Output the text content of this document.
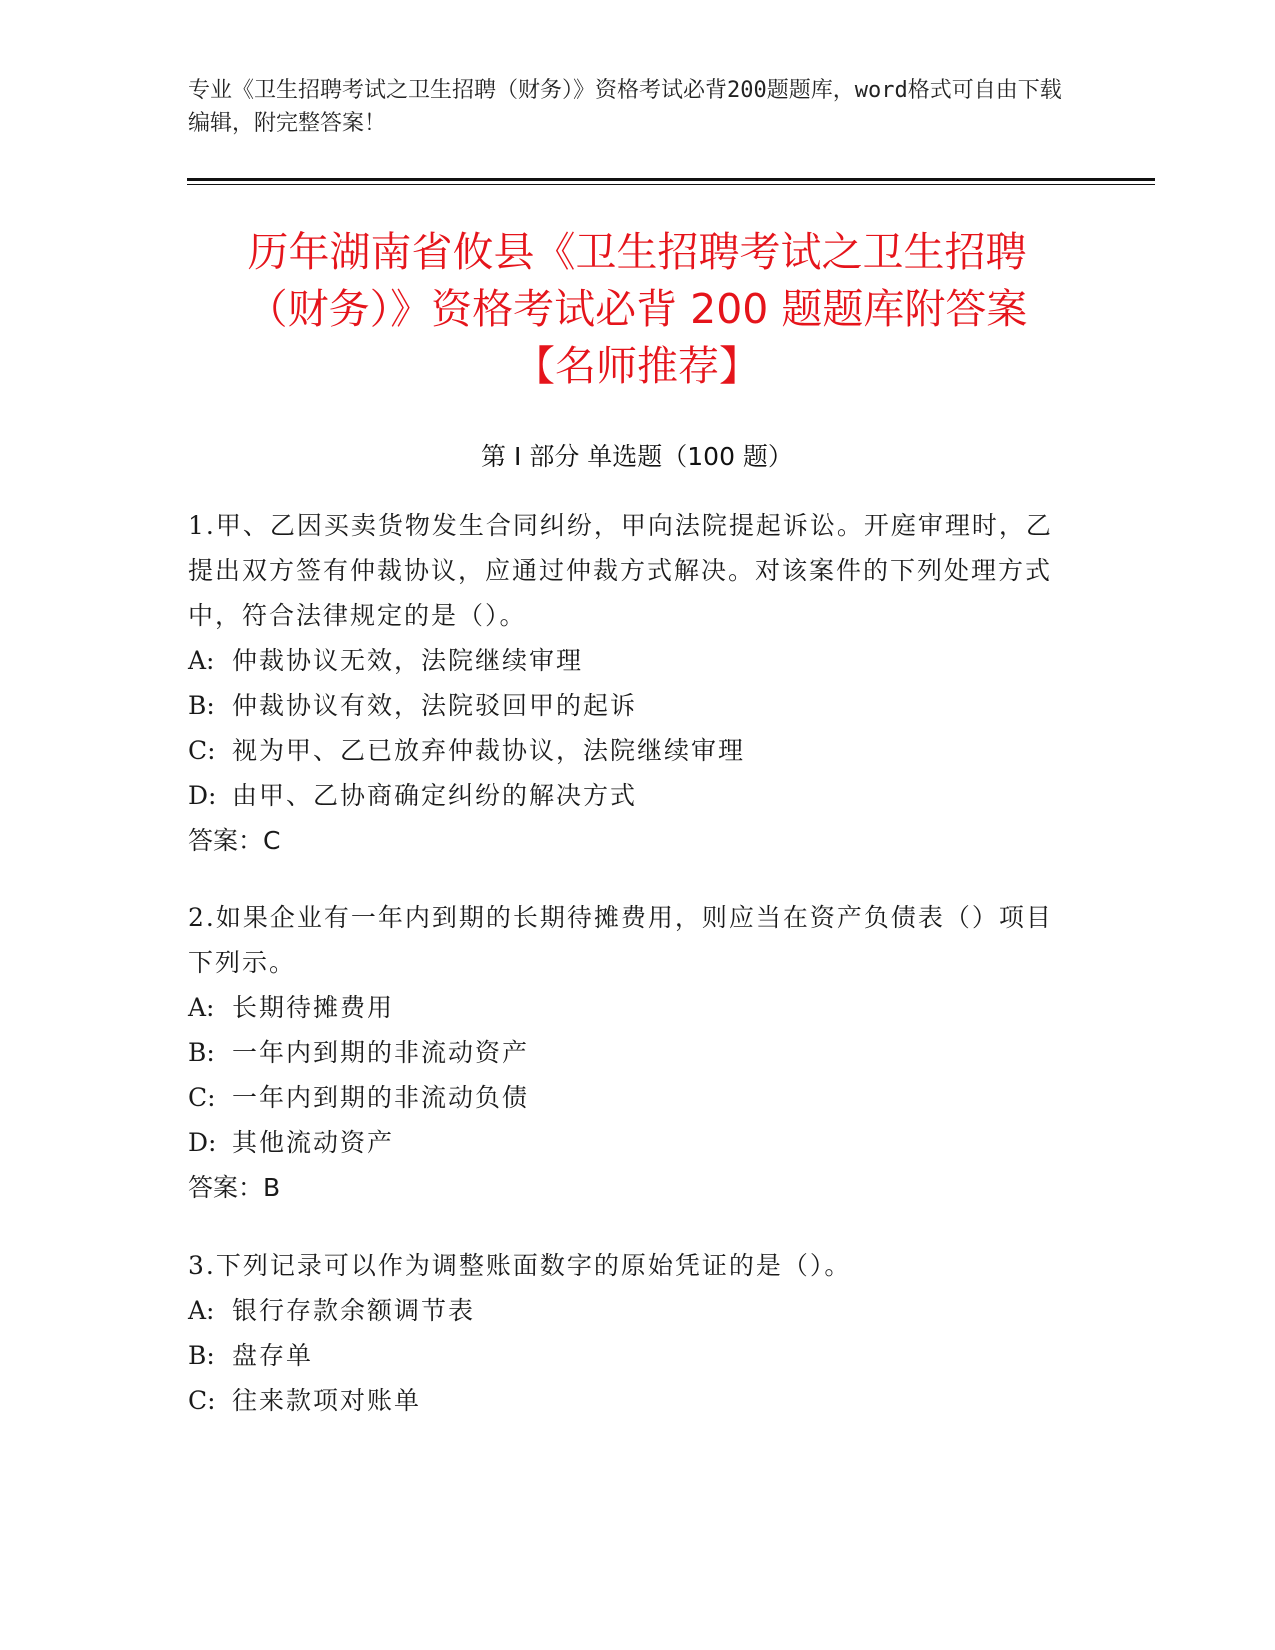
专业《卫生招聘考试之卫生招聘（财务）》资格考试必背200题题库，word格式可自由下载编辑，附完整答案！
历年湖南省攸县《卫生招聘考试之卫生招聘
（财务）》资格考试必背 200 题题库附答案
【名师推荐】
第 I 部分 单选题（100 题）
1.甲、乙因买卖货物发生合同纠纷，甲向法院提起诉讼。开庭审理时，乙提出双方签有仲裁协议，应通过仲裁方式解决。对该案件的下列处理方式中，符合法律规定的是（）。
A: 仲裁协议无效，法院继续审理
B: 仲裁协议有效，法院驳回甲的起诉
C: 视为甲、乙已放弃仲裁协议，法院继续审理
D: 由甲、乙协商确定纠纷的解决方式
答案：C
2.如果企业有一年内到期的长期待摊费用，则应当在资产负债表（）项目下列示。
A: 长期待摊费用
B: 一年内到期的非流动资产
C: 一年内到期的非流动负债
D: 其他流动资产
答案：B
3.下列记录可以作为调整账面数字的原始凭证的是（）。
A: 银行存款余额调节表
B: 盘存单
C: 往来款项对账单
